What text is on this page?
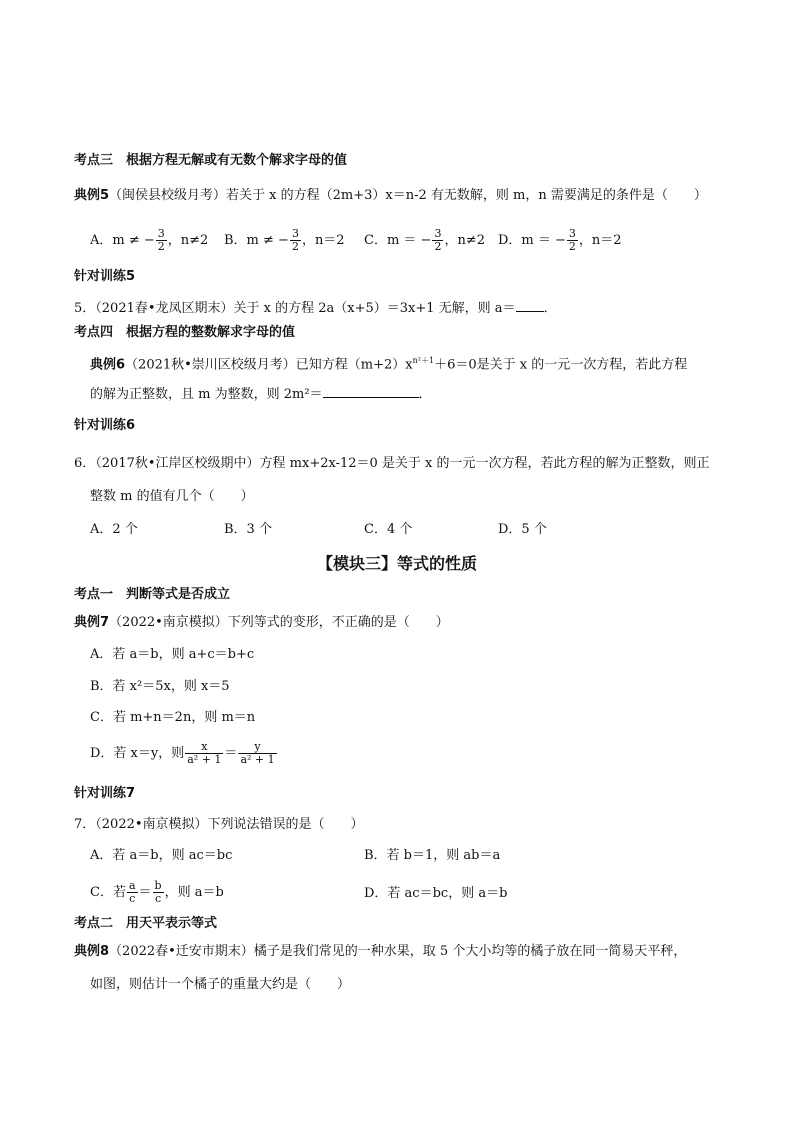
考点三　根据方程无解或有无数个解求字母的值
典例5（闽侯县校级月考）若关于 x 的方程（2m+3）x＝n-2 有无数解，则 m，n 需要满足的条件是（　　）
A．m ≠ − $\frac{3}{2}$ ，n≠2 B．m ≠ − $\frac{3}{2}$ ，n＝2 C．m ＝ − $\frac{3}{2}$ ，n≠2 D．m ＝ − $\frac{3}{2}$ ，n＝2
针对训练5
5．（2021春•龙凤区期末）关于 x 的方程 2a（x+5）＝3x+1 无解，则 a＝ ．
考点四　根据方程的整数解求字母的值
典例6（2021秋•崇川区校级月考）已知方程$(m+2)x^{n^2+1}+6=0$是关于 x 的一元一次方程，若此方程
的解为正整数，且 m 为整数，则 2m²＝	．
针对训练6
6．（2017秋•江岸区校级期中）方程 mx+2x-12＝0 是关于 x 的一元一次方程，若此方程的解为正整数，则正
整数 m 的值有几个（　　）
A．2 个	B．3 个	C．4 个	D．5 个
【模块三】等式的性质
考点一　判断等式是否成立
典例7（2022•南京模拟）下列等式的变形，不正确的是（　　）
A．若 a＝b，则 a+c＝b+c
B．若 x²＝5x，则 x＝5
C．若 m+n＝2n，则 m＝n
D．若 x＝y，则 $\frac{x}{\text{a² + 1}} = \frac{y}{\text{a² + 1}}$
针对训练7
7．（2022•南京模拟）下列说法错误的是（　　）
A．若 a＝b，则 ac＝bc	B．若 b＝1，则 ab＝a
C．若 $\frac{a}{c} = \frac{b}{c}$ ，则 a＝b	D．若 ac＝bc，则 a＝b
考点二　用天平表示等式
典例8（2022春•迁安市期末）橘子是我们常见的一种水果，取 5 个大小均等的橘子放在同一简易天平秤，
如图，则估计一个橘子的重量大约是（　　）
